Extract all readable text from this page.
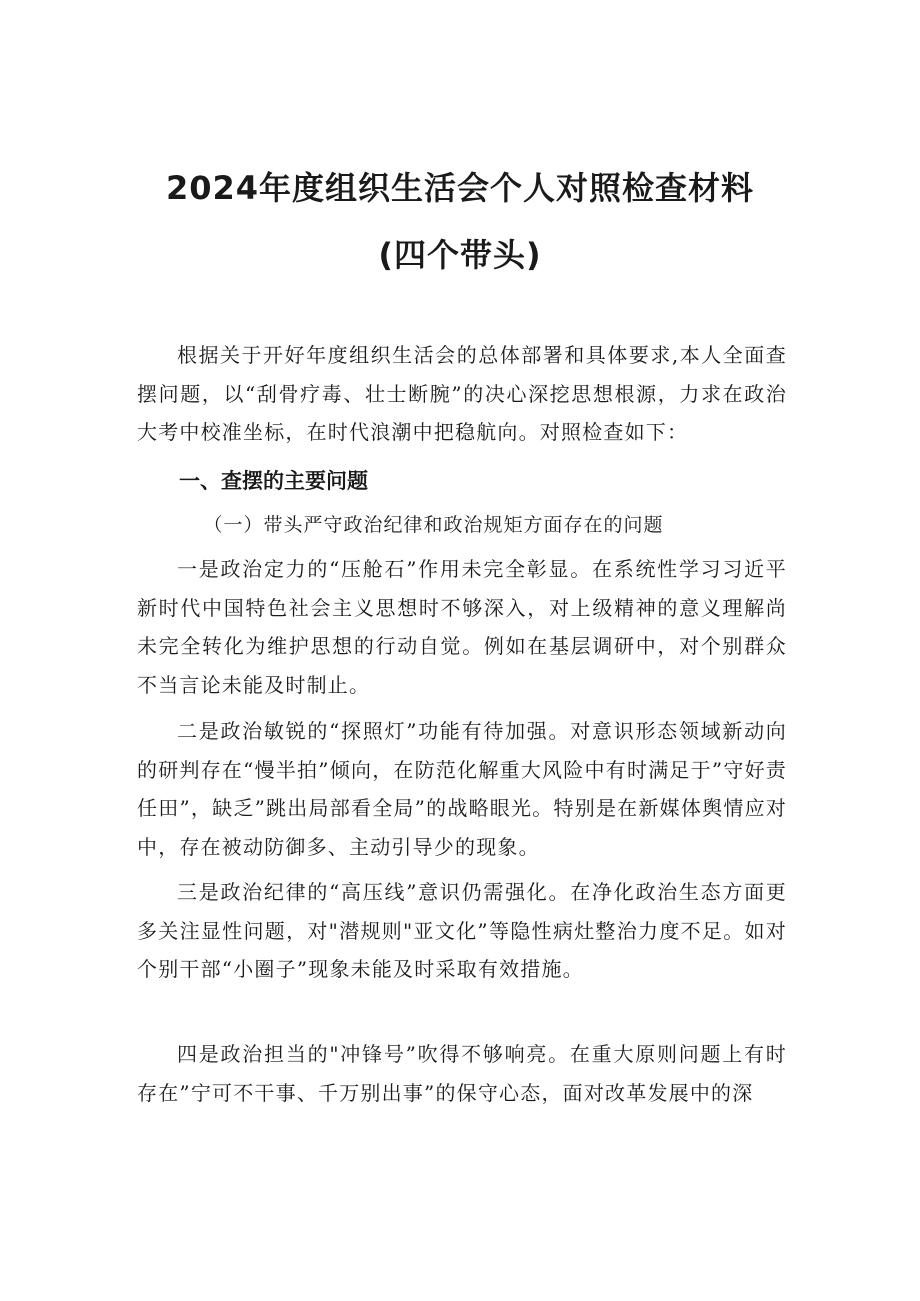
2024年度组织生活会个人对照检查材料
(四个带头)
根据关于开好年度组织生活会的总体部署和具体要求,本人全面查摆问题，以“刮骨疗毒、壮士断腕”的决心深挖思想根源，力求在政治大考中校准坐标，在时代浪潮中把稳航向。对照检查如下：
一、查摆的主要问题
（一）带头严守政治纪律和政治规矩方面存在的问题
一是政治定力的“压舱石”作用未完全彰显。在系统性学习习近平新时代中国特色社会主义思想时不够深入，对上级精神的意义理解尚未完全转化为维护思想的行动自觉。例如在基层调研中，对个别群众不当言论未能及时制止。
二是政治敏锐的“探照灯”功能有待加强。对意识形态领域新动向的研判存在“慢半拍”倾向，在防范化解重大风险中有时满足于”守好责任田”，缺乏”跳出局部看全局”的战略眼光。特别是在新媒体舆情应对中，存在被动防御多、主动引导少的现象。
三是政治纪律的“高压线”意识仍需强化。在净化政治生态方面更多关注显性问题，对"潜规则"亚文化”等隐性病灶整治力度不足。如对个别干部“小圈子”现象未能及时采取有效措施。
四是政治担当的"冲锋号”吹得不够响亮。在重大原则问题上有时存在”宁可不干事、千万别出事”的保守心态，面对改革发展中的深
